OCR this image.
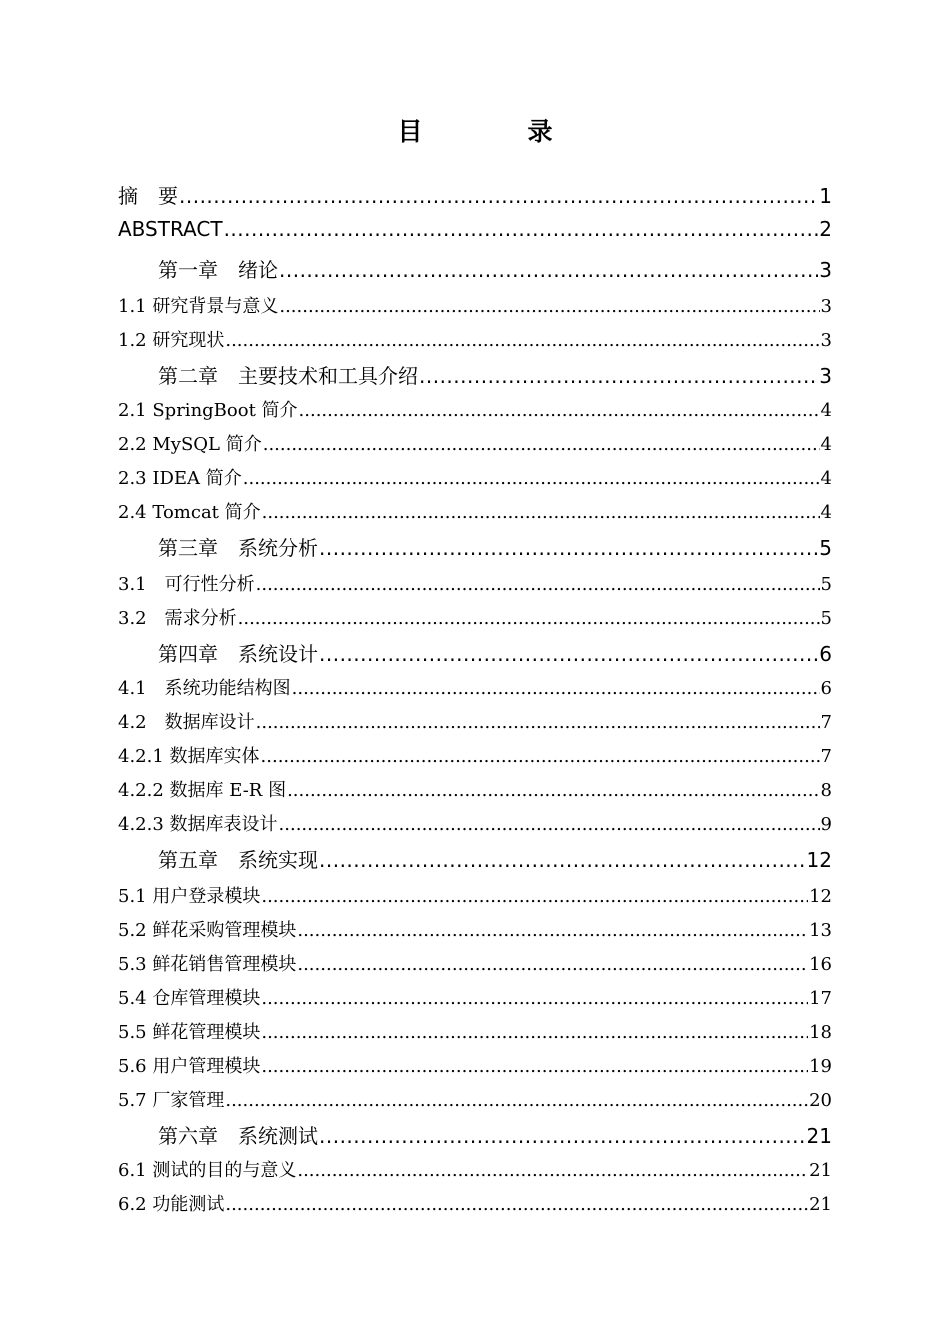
目　录
摘　要 .....	1
ABSTRACT .....	2
第一章　绪论 .....	3
1.1 研究背景与意义 .....	3
1.2 研究现状 .....	3
第二章　主要技术和工具介绍 .....	3
2.1 SpringBoot 简介 .....	4
2.2 MySQL 简介 .....	4
2.3 IDEA 简介 .....	4
2.4 Tomcat 简介 .....	4
第三章　系统分析 .....	5
3.1　可行性分析 .....	5
3.2　需求分析 .....	5
第四章　系统设计 .....	6
4.1　系统功能结构图 .....	6
4.2　数据库设计 .....	7
4.2.1 数据库实体 .....	7
4.2.2 数据库 E-R 图 .....	8
4.2.3 数据库表设计 .....	9
第五章　系统实现 .....	12
5.1 用户登录模块 .....	12
5.2 鲜花采购管理模块 .....	13
5.3 鲜花销售管理模块 .....	16
5.4 仓库管理模块 .....	17
5.5 鲜花管理模块 .....	18
5.6 用户管理模块 .....	19
5.7 厂家管理 .....	20
第六章　系统测试 .....	21
6.1 测试的目的与意义 .....	21
6.2 功能测试 .....	21
